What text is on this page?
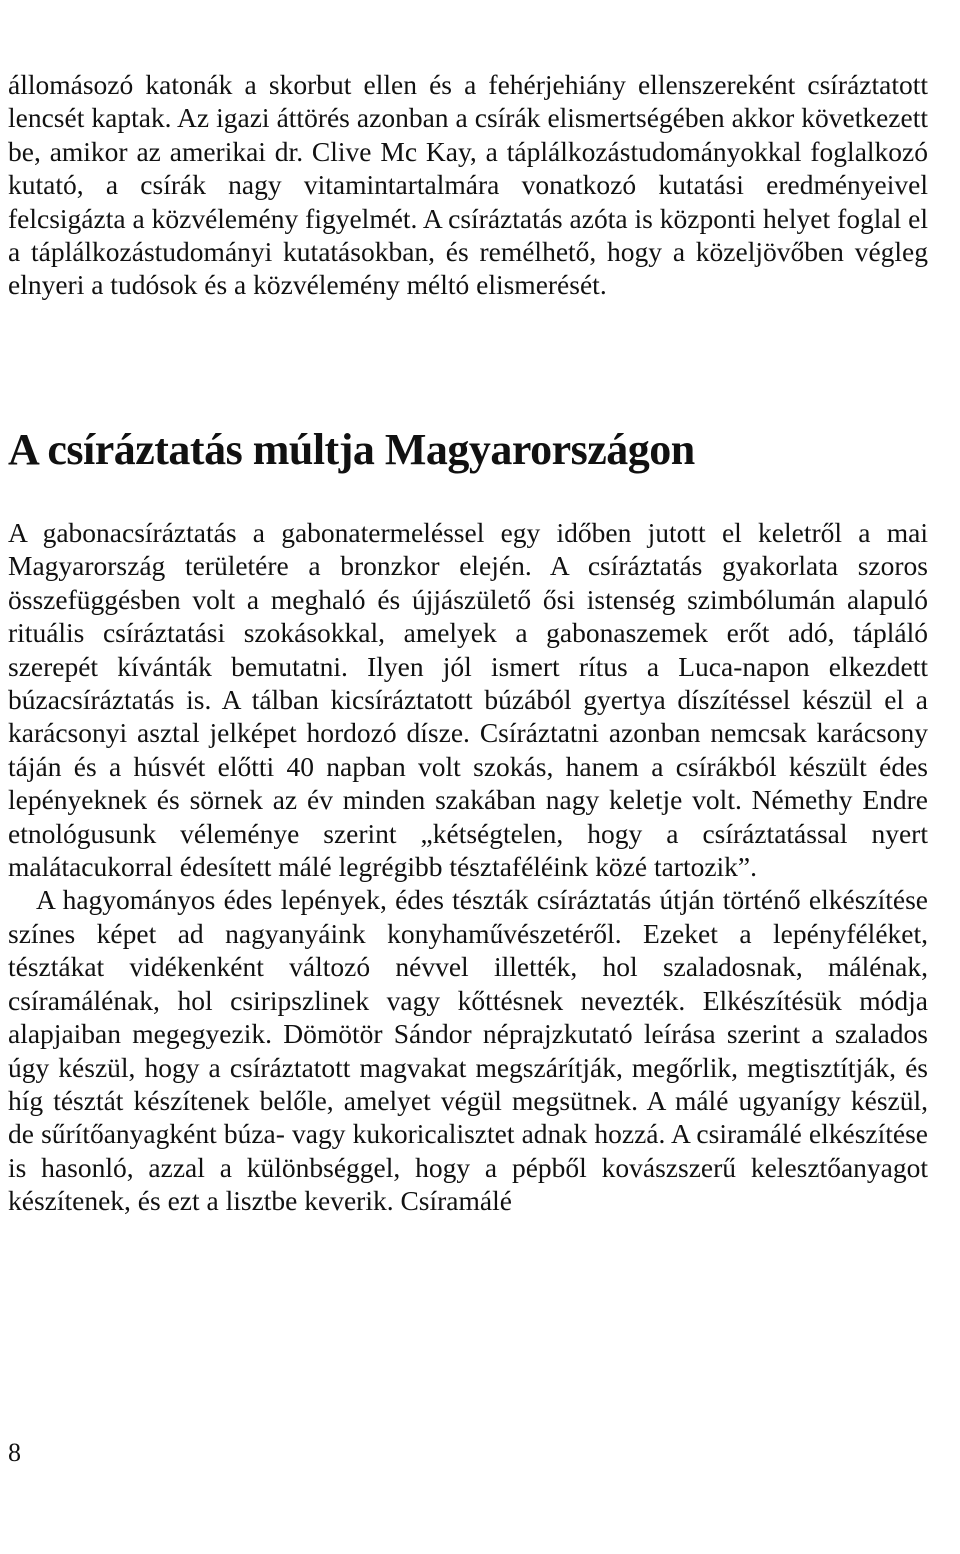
állomásozó katonák a skorbut ellen és a fehérjehiány ellenszereként csíráztatott lencsét kaptak. Az igazi áttörés azonban a csírák elismertségében akkor következett be, amikor az amerikai dr. Clive Mc Kay, a táplálkozástudományokkal foglalkozó kutató, a csírák nagy vitamintartalmára vonatkozó kutatási eredményeivel felcsigázta a közvélemény figyelmét. A csíráztatás azóta is központi helyet foglal el a táplálkozástudományi kutatásokban, és remélhető, hogy a közeljövőben végleg elnyeri a tudósok és a közvélemény méltó elismerését.

A csíráztatás múltja Magyarországon

A gabonacsíráztatás a gabonatermeléssel egy időben jutott el keletről a mai Magyarország területére a bronzkor elején. A csíráztatás gyakorlata szoros összefüggésben volt a meghaló és újjászülető ősi istenség szimbólumán alapuló rituális csíráztatási szokásokkal, amelyek a gabonaszemek erőt adó, tápláló szerepét kívánták bemutatni. Ilyen jól ismert rítus a Luca-napon elkezdett búzacsíráztatás is. A tálban kicsíráztatott búzából gyertya díszítéssel készül el a karácsonyi asztal jelképet hordozó dísze. Csíráztatni azonban nemcsak karácsony táján és a húsvét előtti 40 napban volt szokás, hanem a csírákból készült édes lepényeknek és sörnek az év minden szakában nagy keletje volt. Némethy Endre etnológusunk véleménye szerint „kétségtelen, hogy a csíráztatással nyert malátacukorral édesített málé legrégibb tésztaféléink közé tartozik”.

A hagyományos édes lepények, édes tészták csíráztatás útján történő elkészítése színes képet ad nagyanyáink konyhaművészetéről. Ezeket a lepényféléket, tésztákat vidékenként változó névvel illették, hol szaladosnak, málénak, csíramálénak, hol csiripszlinek vagy kőttésnek nevezték. Elkészítésük módja alapjaiban megegyezik. Dömötör Sándor néprajzkutató leírása szerint a szalados úgy készül, hogy a csíráztatott magvakat megszárítják, megőrlik, megtisztítják, és híg tésztát készítenek belőle, amelyet végül megsütnek. A málé ugyanígy készül, de sűrítőanyagként búza- vagy kukoricalisztet adnak hozzá. A csiramálé elkészítése is hasonló, azzal a különbséggel, hogy a pépből kovászszerű kelesztőanyagot készítenek, és ezt a lisztbe keverik. Csíramálé

8
